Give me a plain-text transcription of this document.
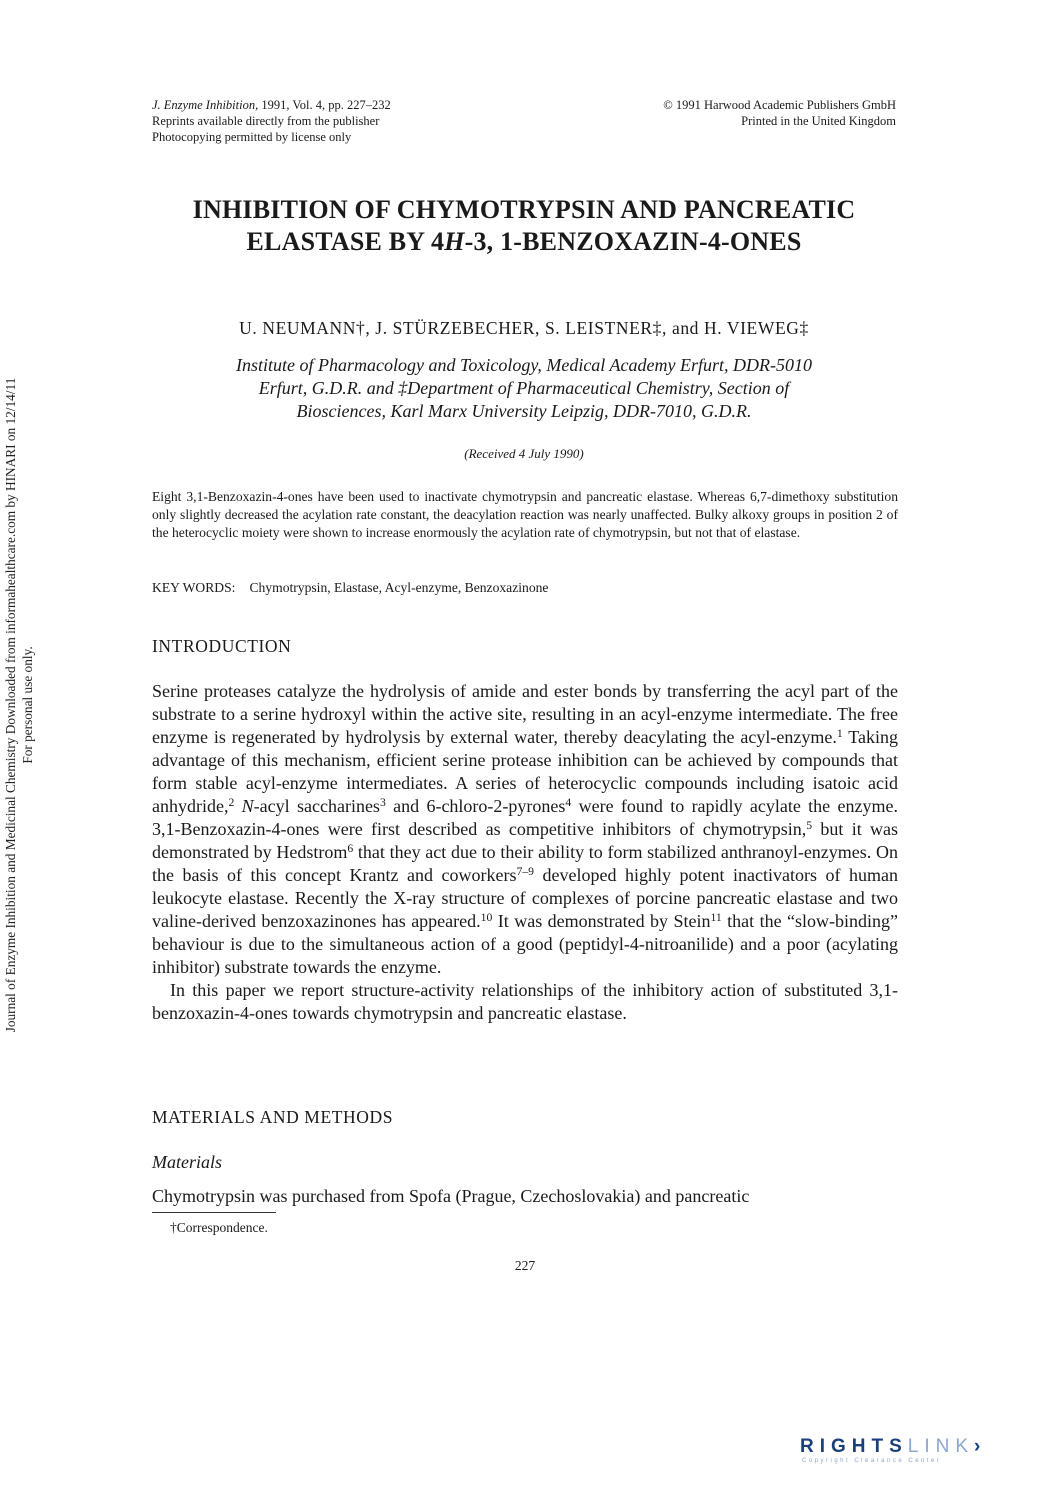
J. Enzyme Inhibition, 1991, Vol. 4, pp. 227–232
Reprints available directly from the publisher
Photocopying permitted by license only
© 1991 Harwood Academic Publishers GmbH
Printed in the United Kingdom
Journal of Enzyme Inhibition and Medicinal Chemistry Downloaded from informahealthcare.com by HINARI on 12/14/11 For personal use only.
INHIBITION OF CHYMOTRYPSIN AND PANCREATIC ELASTASE BY 4H-3, 1-BENZOXAZIN-4-ONES
U. NEUMANN†, J. STÜRZEBECHER, S. LEISTNER‡, and H. VIEWEG‡
Institute of Pharmacology and Toxicology, Medical Academy Erfurt, DDR-5010
Erfurt, G.D.R. and ‡Department of Pharmaceutical Chemistry, Section of
Biosciences, Karl Marx University Leipzig, DDR-7010, G.D.R.
(Received 4 July 1990)
Eight 3,1-Benzoxazin-4-ones have been used to inactivate chymotrypsin and pancreatic elastase. Whereas 6,7-dimethoxy substitution only slightly decreased the acylation rate constant, the deacylation reaction was nearly unaffected. Bulky alkoxy groups in position 2 of the heterocyclic moiety were shown to increase enormously the acylation rate of chymotrypsin, but not that of elastase.
KEY WORDS: Chymotrypsin, Elastase, Acyl-enzyme, Benzoxazinone
INTRODUCTION

Serine proteases catalyze the hydrolysis of amide and ester bonds by transferring the acyl part of the substrate to a serine hydroxyl within the active site, resulting in an acyl-enzyme intermediate. The free enzyme is regenerated by hydrolysis by external water, thereby deacylating the acyl-enzyme.$^1$ Taking advantage of this mechanism, efficient serine protease inhibition can be achieved by compounds that form stable acyl-enzyme intermediates. A series of heterocyclic compounds including isatoic acid anhydride,$^2$ N-acyl saccharines$^3$ and 6-chloro-2-pyrones$^4$ were found to rapidly acylate the enzyme. 3,1-Benzoxazin-4-ones were first described as competitive inhibitors of chymotrypsin,$^5$ but it was demonstrated by Hedstrom$^6$ that they act due to their ability to form stabilized anthranoyl-enzymes. On the basis of this concept Krantz and coworkers$^{7-9}$ developed highly potent inactivators of human leukocyte elastase. Recently the X-ray structure of complexes of porcine pancreatic elastase and two valine-derived benzoxazinones has appeared.$^{10}$ It was demonstrated by Stein$^{11}$ that the “slow-binding” behaviour is due to the simultaneous action of a good (peptidyl-4-nitroanilide) and a poor (acylating inhibitor) substrate towards the enzyme.

In this paper we report structure-activity relationships of the inhibitory action of substituted 3,1-benzoxazin-4-ones towards chymotrypsin and pancreatic elastase.

MATERIALS AND METHODS
Materials
Chymotrypsin was purchased from Spofa (Prague, Czechoslovakia) and pancreatic
†Correspondence.
227
RIGHTSLINK›
Copyright Clearance Center
